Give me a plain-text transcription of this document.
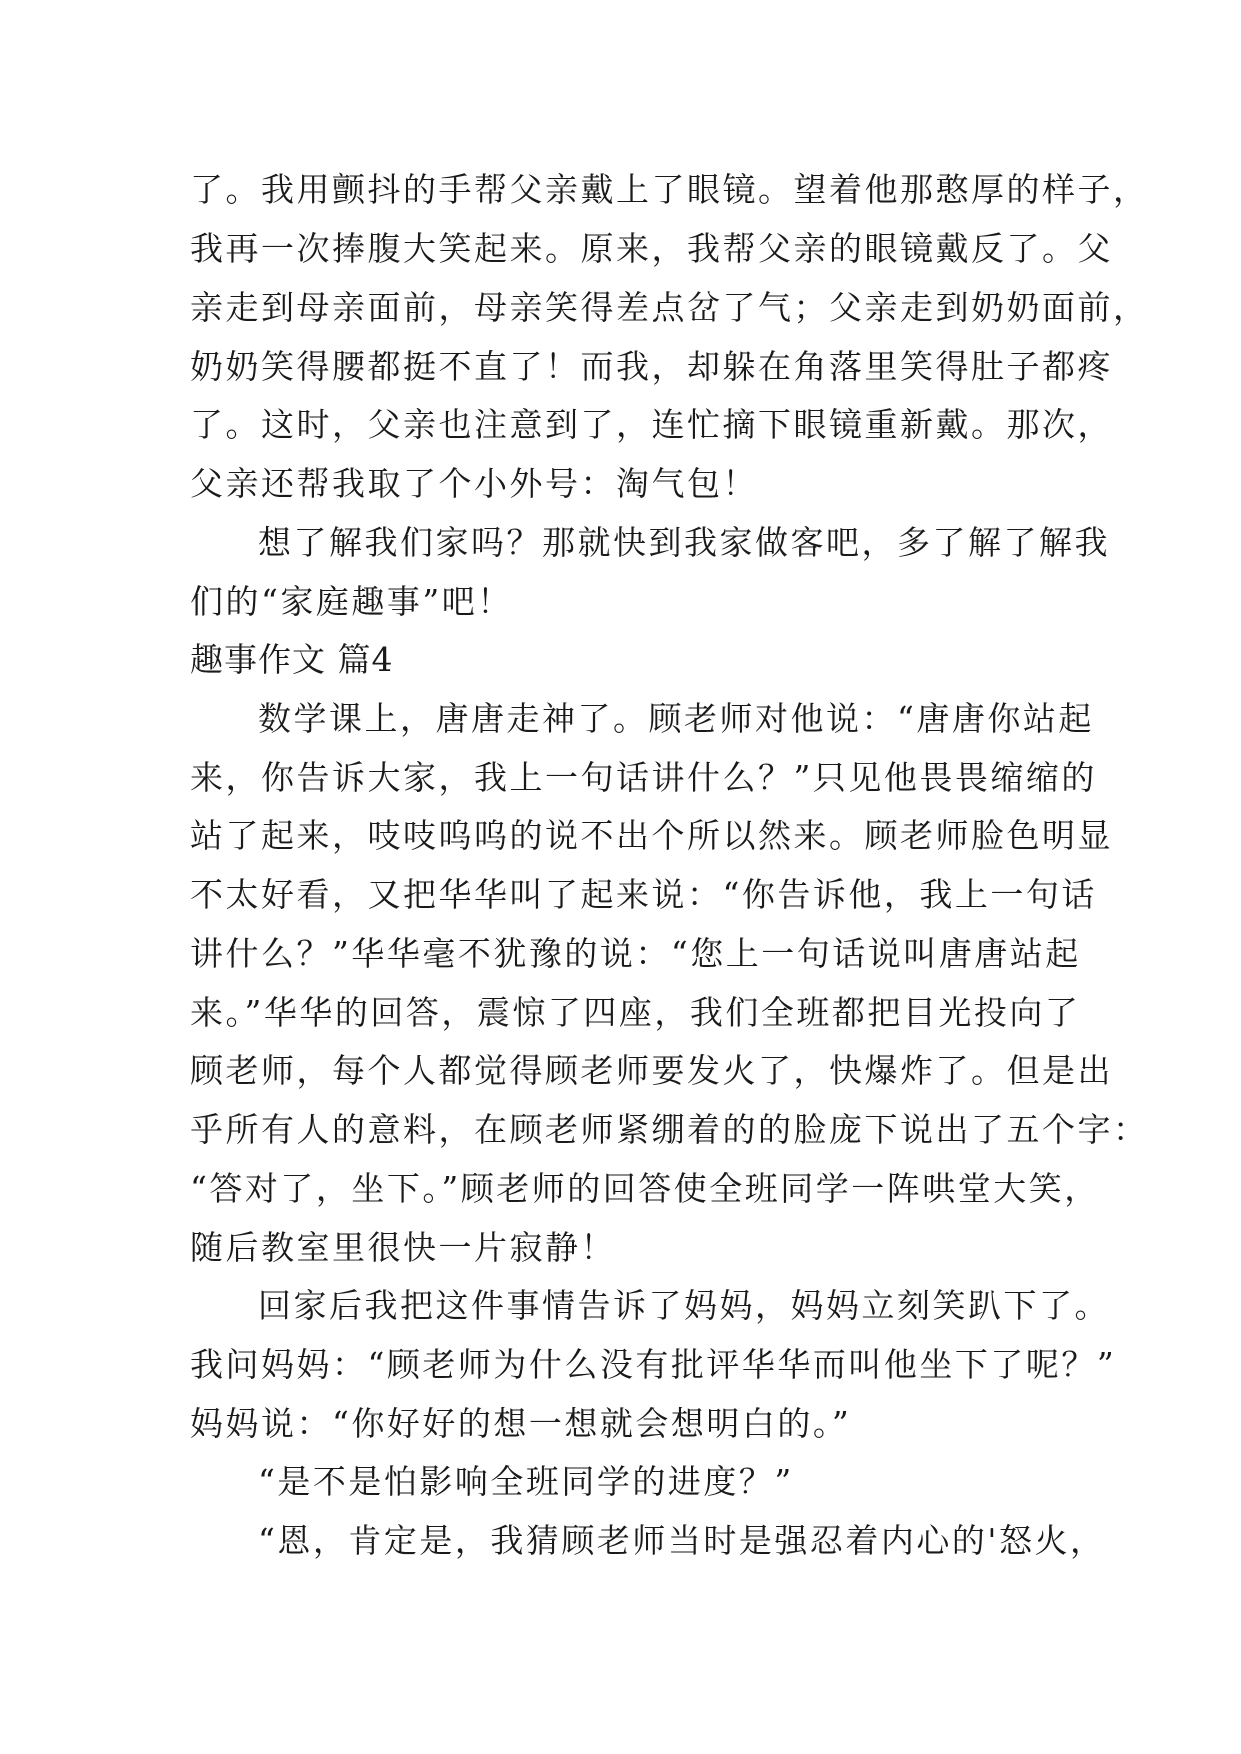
了。我用颤抖的手帮父亲戴上了眼镜。望着他那憨厚的样子，
我再一次捧腹大笑起来。原来，我帮父亲的眼镜戴反了。父
亲走到母亲面前，母亲笑得差点岔了气；父亲走到奶奶面前，
奶奶笑得腰都挺不直了！而我，却躲在角落里笑得肚子都疼
了。这时，父亲也注意到了，连忙摘下眼镜重新戴。那次，
父亲还帮我取了个小外号：淘气包！
想了解我们家吗？那就快到我家做客吧，多了解了解我
们的“家庭趣事”吧！
趣事作文 篇4
数学课上，唐唐走神了。顾老师对他说：“唐唐你站起
来，你告诉大家，我上一句话讲什么？”只见他畏畏缩缩的
站了起来，吱吱呜呜的说不出个所以然来。顾老师脸色明显
不太好看，又把华华叫了起来说：“你告诉他，我上一句话
讲什么？”华华毫不犹豫的说：“您上一句话说叫唐唐站起
来。”华华的回答，震惊了四座，我们全班都把目光投向了
顾老师，每个人都觉得顾老师要发火了，快爆炸了。但是出
乎所有人的意料，在顾老师紧绷着的的脸庞下说出了五个字：
“答对了，坐下。”顾老师的回答使全班同学一阵哄堂大笑，
随后教室里很快一片寂静！
回家后我把这件事情告诉了妈妈，妈妈立刻笑趴下了。
我问妈妈：“顾老师为什么没有批评华华而叫他坐下了呢？”
妈妈说：“你好好的想一想就会想明白的。”
“是不是怕影响全班同学的进度？”
“恩，肯定是，我猜顾老师当时是强忍着内心的'怒火，
